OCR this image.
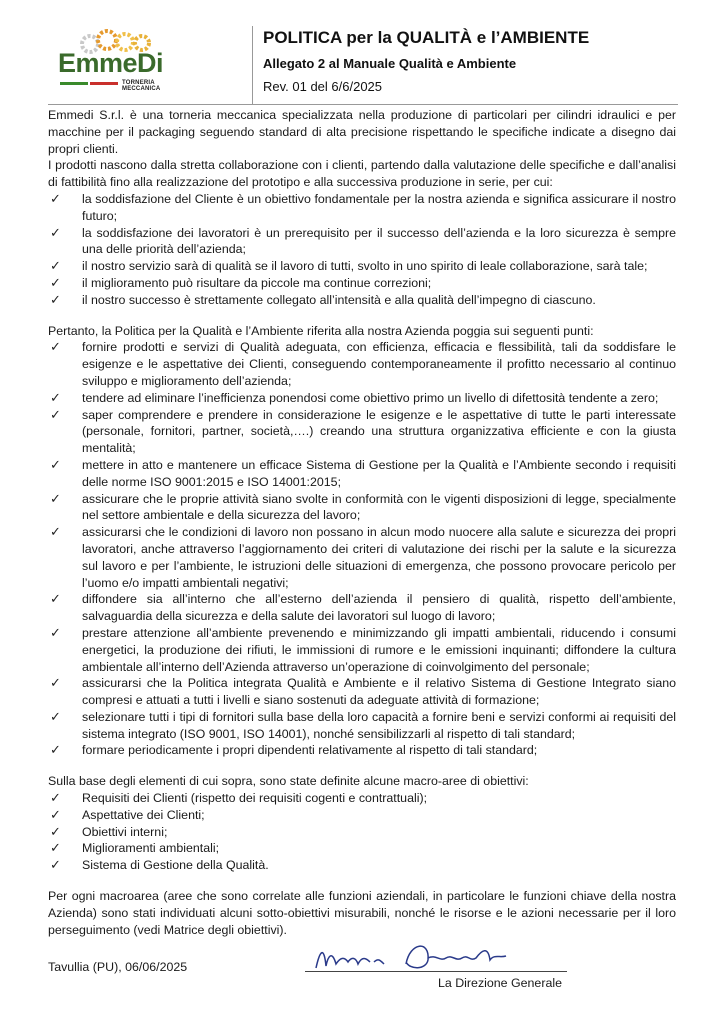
EmmeDi
TORNERIA MECCANICA
POLITICA per la QUALITÀ e l’AMBIENTE
Allegato 2 al Manuale Qualità e Ambiente
Rev. 01 del 6/6/2025

Emmedi S.r.l. è una torneria meccanica specializzata nella produzione di particolari per cilindri idraulici e per macchine per il packaging seguendo standard di alta precisione rispettando le specifiche indicate a disegno dai propri clienti.

I prodotti nascono dalla stretta collaborazione con i clienti, partendo dalla valutazione delle specifiche e dall’analisi di fattibilità fino alla realizzazione del prototipo e alla successiva produzione in serie, per cui:

✓ la soddisfazione del Cliente è un obiettivo fondamentale per la nostra azienda e significa assicurare il nostro futuro;
✓ la soddisfazione dei lavoratori è un prerequisito per il successo dell’azienda e la loro sicurezza è sempre una delle priorità dell’azienda;
✓ il nostro servizio sarà di qualità se il lavoro di tutti, svolto in uno spirito di leale collaborazione, sarà tale;
✓ il miglioramento può risultare da piccole ma continue correzioni;
✓ il nostro successo è strettamente collegato all’intensità e alla qualità dell’impegno di ciascuno.

Pertanto, la Politica per la Qualità e l’Ambiente riferita alla nostra Azienda poggia sui seguenti punti:

✓ fornire prodotti e servizi di Qualità adeguata, con efficienza, efficacia e flessibilità, tali da soddisfare le esigenze e le aspettative dei Clienti, conseguendo contemporaneamente il profitto necessario al continuo sviluppo e miglioramento dell’azienda;
✓ tendere ad eliminare l’inefficienza ponendosi come obiettivo primo un livello di difettosità tendente a zero;
✓ saper comprendere e prendere in considerazione le esigenze e le aspettative di tutte le parti interessate (personale, fornitori, partner, società,….) creando una struttura organizzativa efficiente e con la giusta mentalità;
✓ mettere in atto e mantenere un efficace Sistema di Gestione per la Qualità e l’Ambiente secondo i requisiti delle norme ISO 9001:2015 e ISO 14001:2015;
✓ assicurare che le proprie attività siano svolte in conformità con le vigenti disposizioni di legge, specialmente nel settore ambientale e della sicurezza del lavoro;
✓ assicurarsi che le condizioni di lavoro non possano in alcun modo nuocere alla salute e sicurezza dei propri lavoratori, anche attraverso l’aggiornamento dei criteri di valutazione dei rischi per la salute e la sicurezza sul lavoro e per l’ambiente, le istruzioni delle situazioni di emergenza, che possono provocare pericolo per l’uomo e/o impatti ambientali negativi;
✓ diffondere sia all’interno che all’esterno dell’azienda il pensiero di qualità, rispetto dell’ambiente, salvaguardia della sicurezza e della salute dei lavoratori sul luogo di lavoro;
✓ prestare attenzione all’ambiente prevenendo e minimizzando gli impatti ambientali, riducendo i consumi energetici, la produzione dei rifiuti, le immissioni di rumore e le emissioni inquinanti; diffondere la cultura ambientale all’interno dell’Azienda attraverso un’operazione di coinvolgimento del personale;
✓ assicurarsi che la Politica integrata Qualità e Ambiente e il relativo Sistema di Gestione Integrato siano compresi e attuati a tutti i livelli e siano sostenuti da adeguate attività di formazione;
✓ selezionare tutti i tipi di fornitori sulla base della loro capacità a fornire beni e servizi conformi ai requisiti del sistema integrato (ISO 9001, ISO 14001), nonché sensibilizzarli al rispetto di tali standard;
✓ formare periodicamente i propri dipendenti relativamente al rispetto di tali standard;

Sulla base degli elementi di cui sopra, sono state definite alcune macro-aree di obiettivi:

✓ Requisiti dei Clienti (rispetto dei requisiti cogenti e contrattuali);
✓ Aspettative dei Clienti;
✓ Obiettivi interni;
✓ Miglioramenti ambientali;
✓ Sistema di Gestione della Qualità.

Per ogni macroarea (aree che sono correlate alle funzioni aziendali, in particolare le funzioni chiave della nostra Azienda) sono stati individuati alcuni sotto-obiettivi misurabili, nonché le risorse e le azioni necessarie per il loro perseguimento (vedi Matrice degli obiettivi).

Tavullia (PU), 06/06/2025
La Direzione Generale
